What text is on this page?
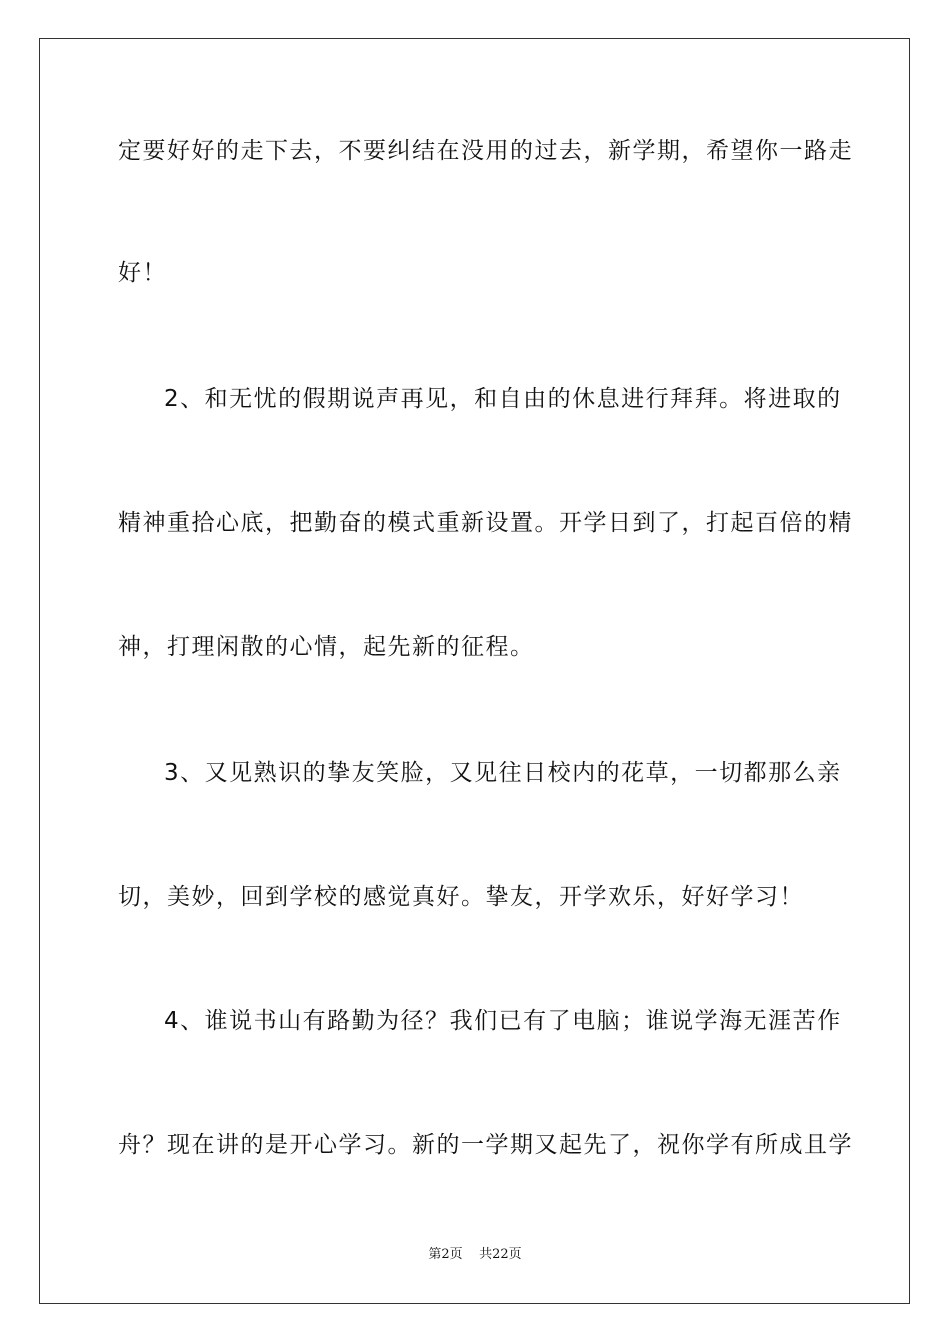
定要好好的走下去，不要纠结在没用的过去，新学期，希望你一路走
好！
2、和无忧的假期说声再见，和自由的休息进行拜拜。将进取的
精神重拾心底，把勤奋的模式重新设置。开学日到了，打起百倍的精
神，打理闲散的心情，起先新的征程。
3、又见熟识的挚友笑脸，又见往日校内的花草，一切都那么亲
切，美妙，回到学校的感觉真好。挚友，开学欢乐，好好学习！
4、谁说书山有路勤为径？我们已有了电脑；谁说学海无涯苦作
舟？现在讲的是开心学习。新的一学期又起先了，祝你学有所成且学
第2页 共22页
